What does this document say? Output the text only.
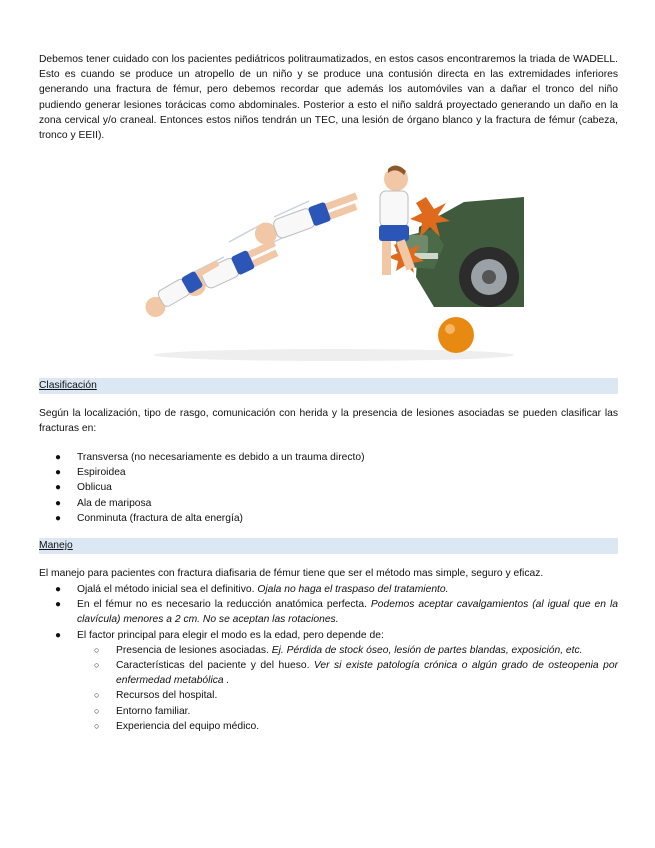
Debemos tener cuidado con los pacientes pediátricos politraumatizados, en estos casos encontraremos la triada de WADELL. Esto es cuando se produce un atropello de un niño y se produce una contusión directa en las extremidades inferiores generando una fractura de fémur, pero debemos recordar que además los automóviles van a dañar el tronco del niño pudiendo generar lesiones torácicas como abdominales. Posterior a esto el niño saldrá proyectado generando un daño en la zona cervical y/o craneal. Entonces estos niños tendrán un TEC, una lesión de órgano blanco y la fractura de fémur (cabeza, tronco y EEII).

Clasificación

Según la localización, tipo de rasgo, comunicación con herida y la presencia de lesiones asociadas se pueden clasificar las fracturas en:

● Transversa (no necesariamente es debido a un trauma directo)
● Espiroidea
● Oblicua
● Ala de mariposa
● Conminuta (fractura de alta energía)
Manejo

El manejo para pacientes con fractura diafisaria de fémur tiene que ser el método mas simple, seguro y eficaz.

● Ojalá el método inicial sea el definitivo. Ojala no haga el traspaso del tratamiento.
● En el fémur no es necesario la reducción anatómica perfecta. Podemos aceptar cavalgamientos (al igual que en la clavícula) menores a 2 cm. No se aceptan las rotaciones.
● El factor principal para elegir el modo es la edad, pero depende de:
○ Presencia de lesiones asociadas. Ej. Pérdida de stock óseo, lesión de partes blandas, exposición, etc.
○ Características del paciente y del hueso. Ver si existe patología crónica o algún grado de osteopenia por enfermedad metabólica .
○ Recursos del hospital.
○ Entorno familiar.
○ Experiencia del equipo médico.
